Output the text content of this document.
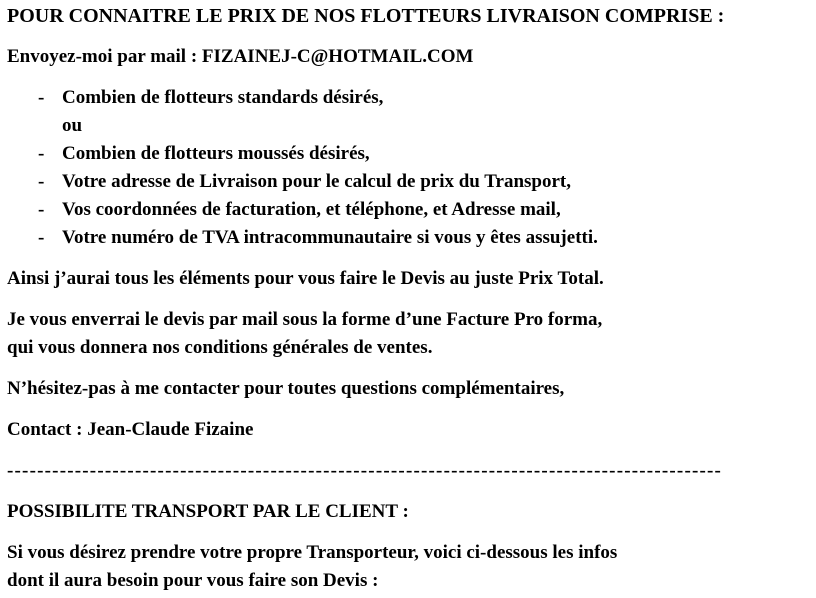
POUR CONNAITRE LE PRIX DE NOS FLOTTEURS LIVRAISON COMPRISE :

Envoyez-moi par mail : FIZAINEJ-C@HOTMAIL.COM

- Combien de flotteurs standards désirés,
ou
- Combien de flotteurs moussés désirés,
- Votre adresse de Livraison pour le calcul de prix du Transport,
- Vos coordonnées de facturation, et téléphone, et Adresse mail,
- Votre numéro de TVA intracommunautaire si vous y êtes assujetti.

Ainsi j’aurai tous les éléments pour vous faire le Devis au juste Prix Total.

Je vous enverrai le devis par mail sous la forme d’une Facture Pro forma,
qui vous donnera nos conditions générales de ventes.

N’hésitez-pas à me contacter pour toutes questions complémentaires,

Contact : Jean-Claude Fizaine

-----------------------------------------------------------------------------------------------

POSSIBILITE TRANSPORT PAR LE CLIENT :

Si vous désirez prendre votre propre Transporteur, voici ci-dessous les infos
dont il aura besoin pour vous faire son Devis :
